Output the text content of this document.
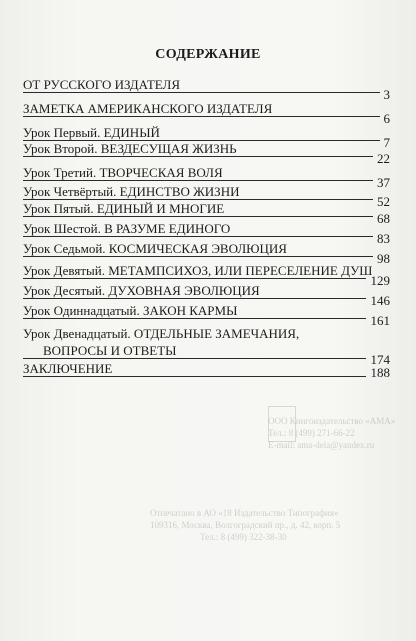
ООО Книгоиздательство «АМА»
Тел.: 8 (499) 271-66-22
E-mail: ama-dela@yandex.ru
Отпечатано в АО «18 Издательство Типография»
109316, Москва, Волгоградский пр., д. 42, корп. 5
Тел.: 8 (499) 322-38-30
СОДЕРЖАНИЕ
ОТ РУССКОГО ИЗДАТЕЛЯ
3
ЗАМЕТКА АМЕРИКАНСКОГО ИЗДАТЕЛЯ
6
Урок Первый. ЕДИНЫЙ
7
Урок Второй. ВЕЗДЕСУЩАЯ ЖИЗНЬ
22
Урок Третий. ТВОРЧЕСКАЯ ВОЛЯ
37
Урок Четвёртый. ЕДИНСТВО ЖИЗНИ
52
Урок Пятый. ЕДИНЫЙ И МНОГИЕ
68
Урок Шестой. В РАЗУМЕ ЕДИНОГО
83
Урок Седьмой. КОСМИЧЕСКАЯ ЭВОЛЮЦИЯ
98
Урок Девятый. МЕТАМПСИХОЗ, ИЛИ ПЕРЕСЕЛЕНИЕ ДУШ
129
Урок Десятый. ДУХОВНАЯ ЭВОЛЮЦИЯ
146
Урок Одиннадцатый. ЗАКОН КАРМЫ
161
Урок Двенадцатый. ОТДЕЛЬНЫЕ ЗАМЕЧАНИЯ,
ВОПРОСЫ И ОТВЕТЫ
174
ЗАКЛЮЧЕНИЕ	188
